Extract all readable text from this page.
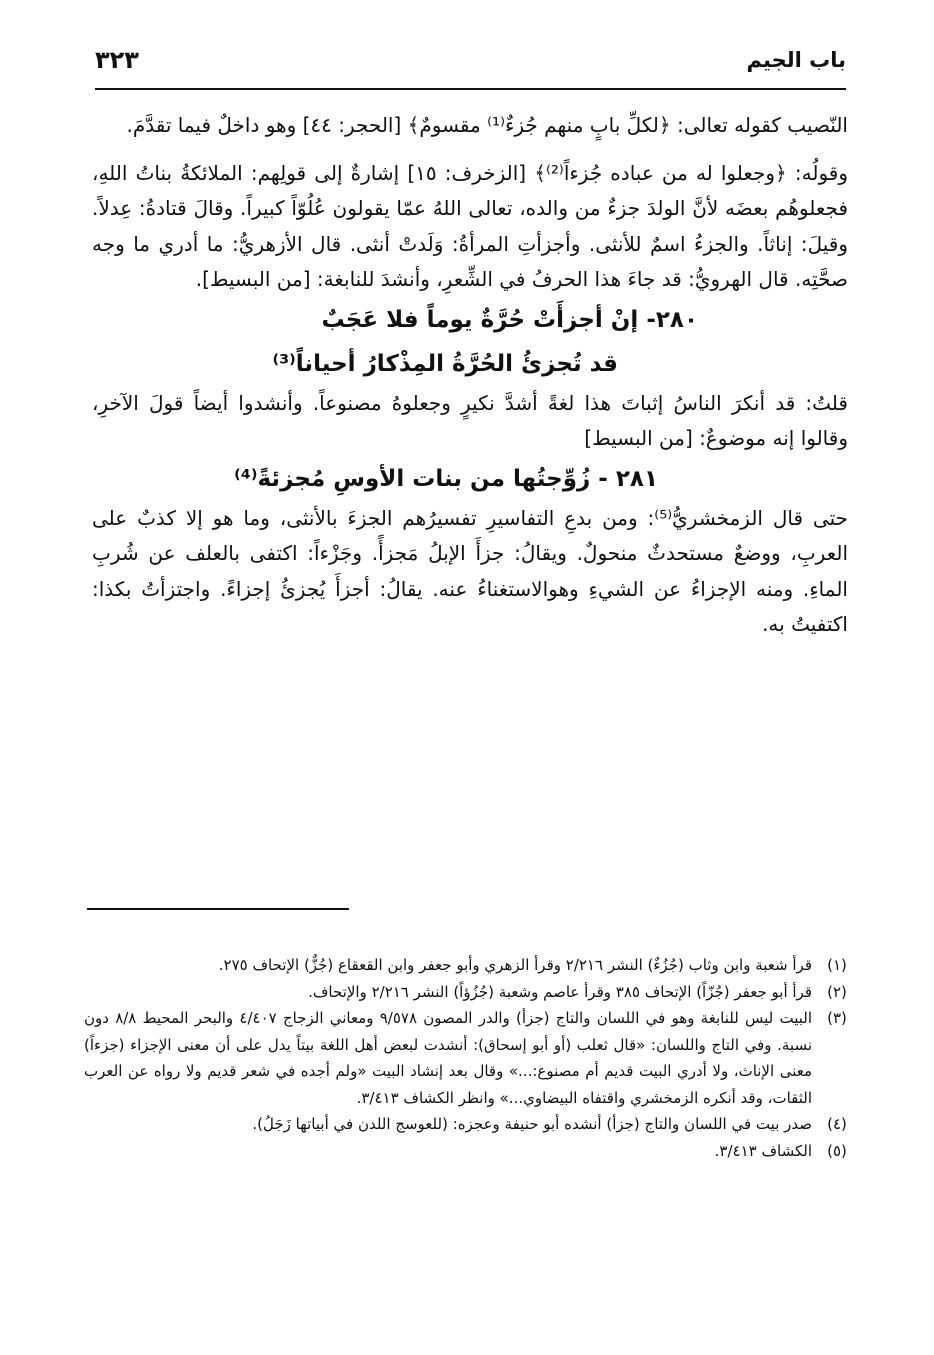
باب الجيم
٣٢٣

النّصيب كقوله تعالى: ﴿لكلِّ بابٍ منهم جُزءٌ⁽¹⁾ مقسومٌ﴾ [الحجر: ٤٤] وهو داخلٌ فيما تقدَّمَ.

وقولُه: ﴿وجعلوا له من عباده جُزءاً⁽²⁾﴾ [الزخرف: ١٥] إشارةٌ إلى قولِهم: الملائكةُ بناتُ اللهِ، فجعلوهُم بعضَه لأنَّ الولدَ جزءٌ من والده، تعالى اللهُ عمّا يقولون عُلُوّاً كبيراً. وقالَ قتادةُ: عِدلاً. وقيلَ: إناثاً. والجزءُ اسمٌ للأنثى. وأجزأتِ المرأةُ: وَلَدتْ أنثى. قال الأزهريُّ: ما أدري ما وجه صحَّتِه. قال الهرويُّ: قد جاءَ هذا الحرفُ في الشِّعرِ، وأنشدَ للنابغة: [من البسيط].

٢٨٠- إنْ أجزأَتْ حُرَّةٌ يوماً فلا عَجَبٌ

قد تُجزئُ الحُرَّةُ المِذْكارُ أحياناً⁽³⁾

قلتُ: قد أنكرَ الناسُ إثباتَ هذا لغةً أشدَّ نكيرٍ وجعلوهُ مصنوعاً. وأنشدوا أيضاً قولَ الآخرِ، وقالوا إنه موضوعٌ: [من البسيط]

٢٨١ - زُوِّجتُها من بنات الأوسِ مُجزئةً⁽⁴⁾

حتى قال الزمخشريُّ⁽⁵⁾: ومن بدعِ التفاسيرِ تفسيرُهم الجزءَ بالأنثى، وما هو إلا كذبٌ على العربِ، ووضعٌ مستحدثٌ منحولٌ. ويقالُ: جزأَ الإبلُ مَجزأً. وجَزْءاً: اكتفى بالعلف عن شُربِ الماءِ. ومنه الإجزاءُ عن الشيءِ وهوالاستغناءُ عنه. يقالُ: أجزأَ يُجزئُ إجزاءً. واجتزأتُ بكذا: اكتفيتُ به.

(١)
قرأ شعبة وابن وثاب (جُزُءٌ) النشر ٢/٢١٦ وقرأ الزهري وأبو جعفر وابن القعقاع (جُزٌّ) الإتحاف ٢٧٥.
(٢)
قرأ أبو جعفر (جُزّاً) الإتحاف ٣٨٥ وقرأ عاصم وشعبة (جُزُؤاً) النشر ٢/٢١٦ والإتحاف.
(٣)
البيت ليس للنابغة وهو في اللسان والتاج (جزأ) والدر المصون ٩/٥٧٨ ومعاني الزجاج ٤/٤٠٧ والبحر المحيط ٨/٨ دون نسبة. وفي التاج واللسان: «قال ثعلب (أو أبو إسحاق): أنشدت لبعض أهل اللغة بيتاً يدل على أن معنى الإجزاء (جزءاً) معنى الإناث، ولا أدري البيت قديم أم مصنوع:...» وقال بعد إنشاد البيت «ولم أجده في شعر قديم ولا رواه عن العرب الثقات، وقد أنكره الزمخشري واقتفاه البيضاوي...» وانظر الكشاف ٣/٤١٣.
(٤)
صدر بيت في اللسان والتاج (جزأ) أنشده أبو حنيفة وعجزه: (للعوسج اللدن في أبياتها زَجَلُ).
(٥)
الكشاف ٣/٤١٣.
